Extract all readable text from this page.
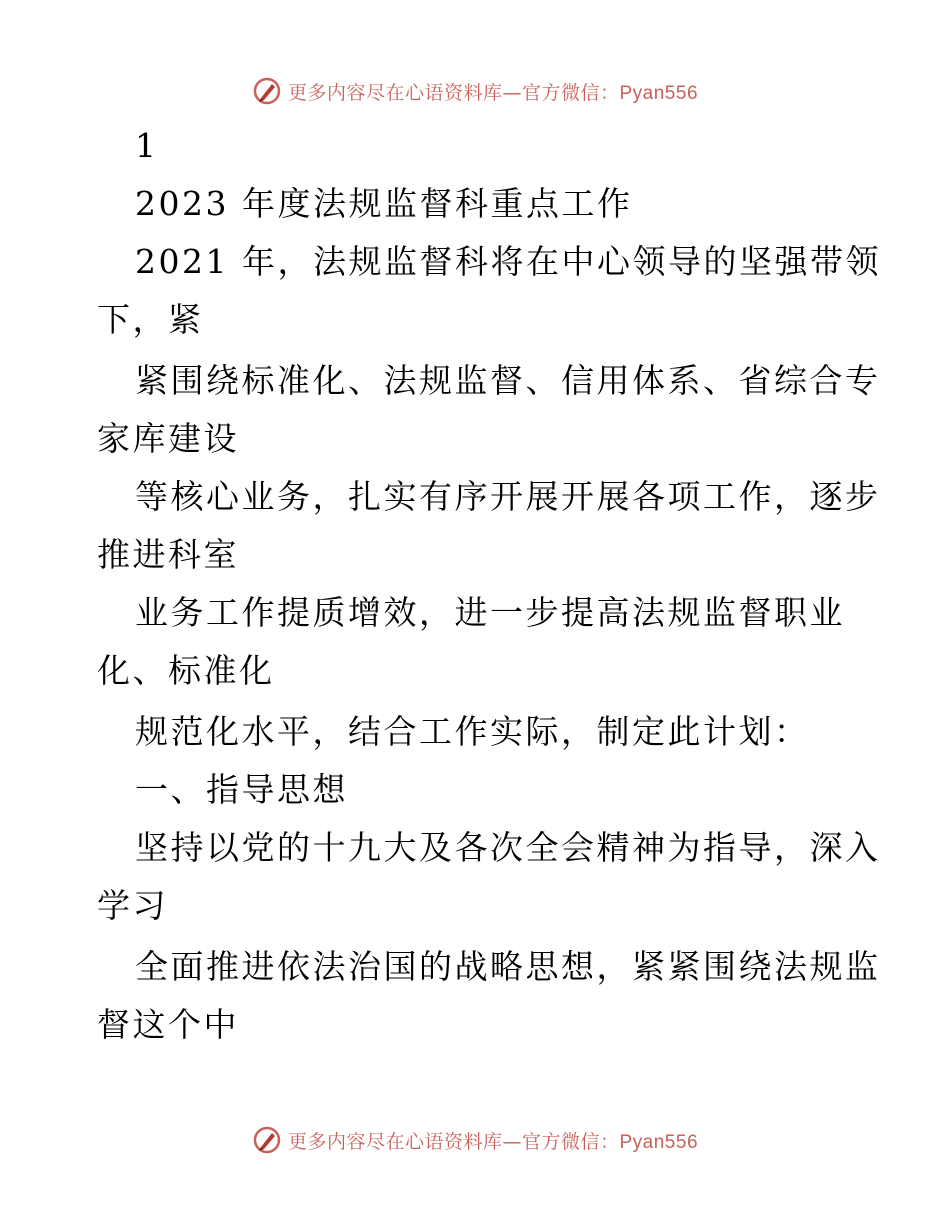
更多内容尽在心语资料库—官方微信：Pyan556
1
2023 年度法规监督科重点工作
2021 年，法规监督科将在中心领导的坚强带领
下，紧
紧围绕标准化、法规监督、信用体系、省综合专
家库建设
等核心业务，扎实有序开展开展各项工作，逐步
推进科室
业务工作提质增效，进一步提高法规监督职业
化、标准化
规范化水平，结合工作实际，制定此计划：
一、指导思想
坚持以党的十九大及各次全会精神为指导，深入
学习
全面推进依法治国的战略思想，紧紧围绕法规监
督这个中
更多内容尽在心语资料库—官方微信：Pyan556
